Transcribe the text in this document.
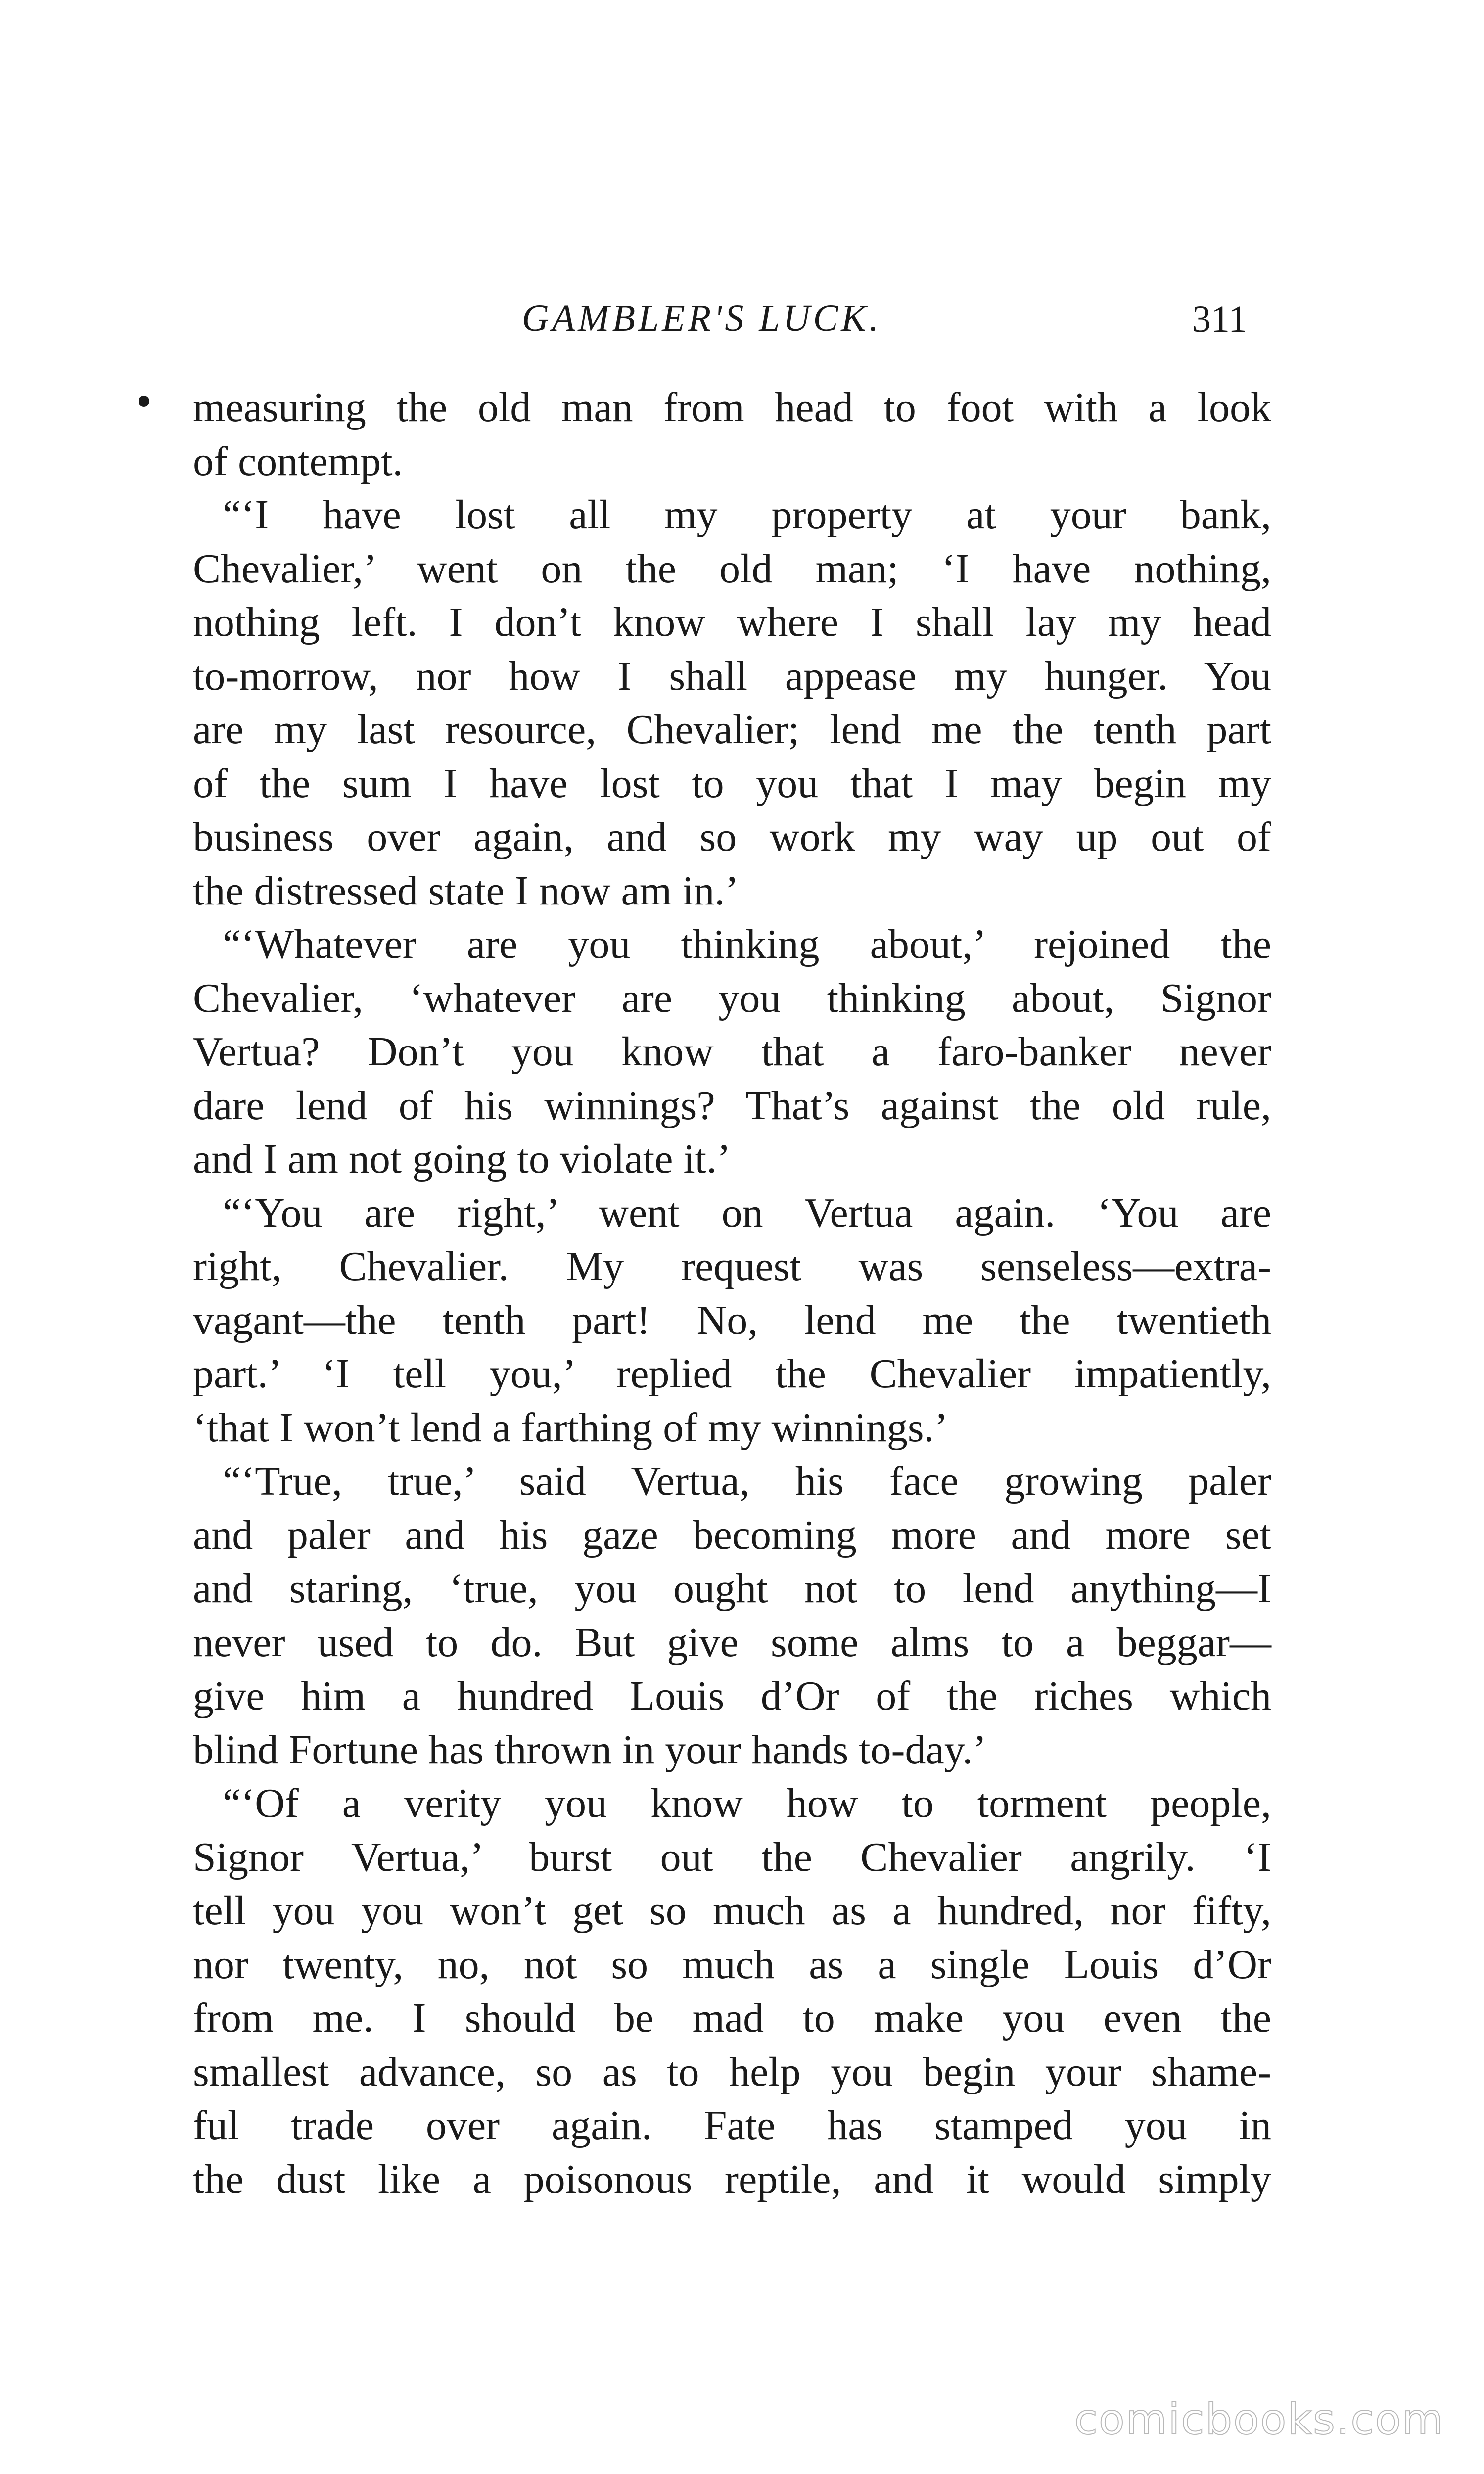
GAMBLER'S LUCK.	311
measuring the old man from head to foot with a look
of contempt.
“‘I have lost all my property at your bank,
Chevalier,’ went on the old man; ‘I have nothing,
nothing left. I don’t know where I shall lay my head
to-morrow, nor how I shall appease my hunger. You
are my last resource, Chevalier; lend me the tenth part
of the sum I have lost to you that I may begin my
business over again, and so work my way up out of
the distressed state I now am in.’
“‘Whatever are you thinking about,’ rejoined the
Chevalier, ‘whatever are you thinking about, Signor
Vertua? Don’t you know that a faro-banker never
dare lend of his winnings? That’s against the old rule,
and I am not going to violate it.’
“‘You are right,’ went on Vertua again. ‘You are
right, Chevalier. My request was senseless—extra-
vagant—the tenth part! No, lend me the twentieth
part.’ ‘I tell you,’ replied the Chevalier impatiently,
‘that I won’t lend a farthing of my winnings.’
“‘True, true,’ said Vertua, his face growing paler
and paler and his gaze becoming more and more set
and staring, ‘true, you ought not to lend anything—I
never used to do. But give some alms to a beggar—
give him a hundred Louis d’Or of the riches which
blind Fortune has thrown in your hands to-day.’
“‘Of a verity you know how to torment people,
Signor Vertua,’ burst out the Chevalier angrily. ‘I
tell you you won’t get so much as a hundred, nor fifty,
nor twenty, no, not so much as a single Louis d’Or
from me. I should be mad to make you even the
smallest advance, so as to help you begin your shame-
ful trade over again. Fate has stamped you in
the dust like a poisonous reptile, and it would simply
comicbooks.com
